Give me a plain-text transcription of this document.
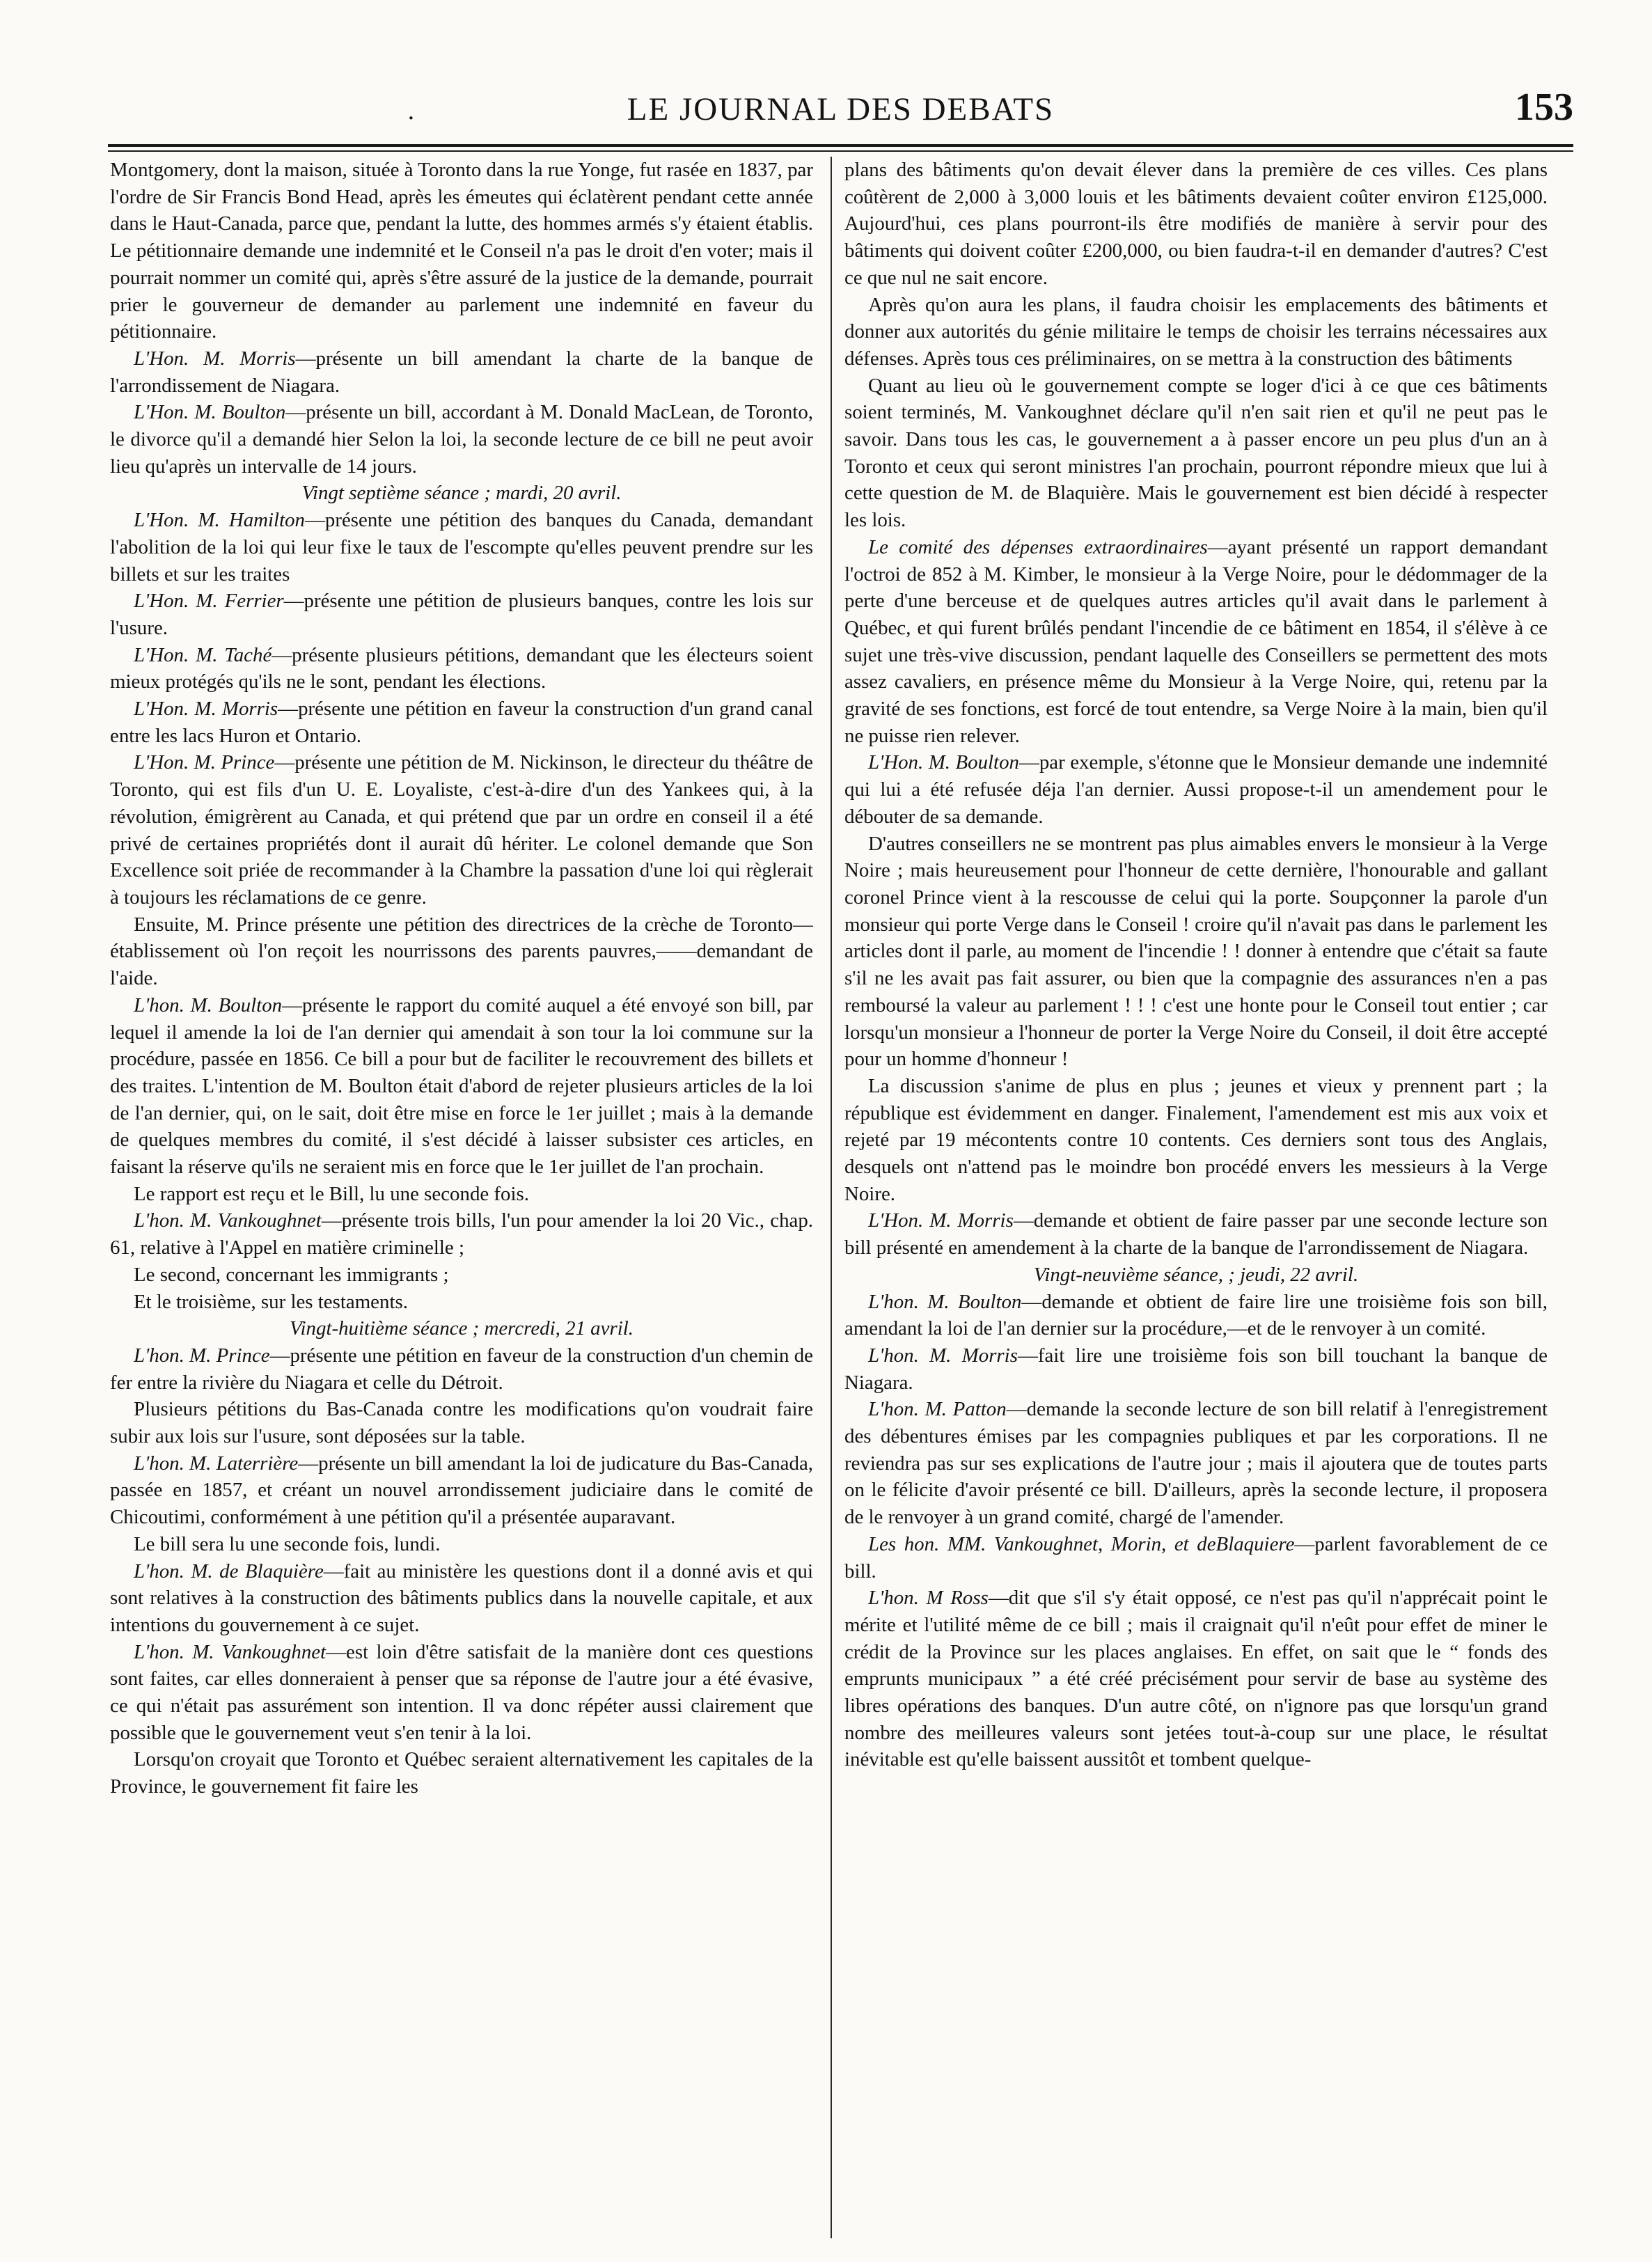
.	LE JOURNAL DES DEBATS	153

Montgomery, dont la maison, située à Toronto dans la rue Yonge, fut rasée en 1837, par l'ordre de Sir Francis Bond Head, après les émeutes qui éclatèrent pendant cette année dans le Haut-Canada, parce que, pendant la lutte, des hommes armés s'y étaient établis. Le pétitionnaire demande une indemnité et le Conseil n'a pas le droit d'en voter; mais il pourrait nommer un comité qui, après s'être assuré de la justice de la demande, pourrait prier le gouverneur de demander au parlement une indemnité en faveur du pétitionnaire.

L'Hon. M. Morris—présente un bill amendant la charte de la banque de l'arrondissement de Niagara.

L'Hon. M. Boulton—présente un bill, accordant à M. Donald MacLean, de Toronto, le divorce qu'il a demandé hier Selon la loi, la seconde lecture de ce bill ne peut avoir lieu qu'après un intervalle de 14 jours.

Vingt septième séance ; mardi, 20 avril.

L'Hon. M. Hamilton—présente une pétition des banques du Canada, demandant l'abolition de la loi qui leur fixe le taux de l'escompte qu'elles peuvent prendre sur les billets et sur les traites

L'Hon. M. Ferrier—présente une pétition de plusieurs banques, contre les lois sur l'usure.

L'Hon. M. Taché—présente plusieurs pétitions, demandant que les électeurs soient mieux protégés qu'ils ne le sont, pendant les élections.

L'Hon. M. Morris—présente une pétition en faveur la construction d'un grand canal entre les lacs Huron et Ontario.

L'Hon. M. Prince—présente une pétition de M. Nickinson, le directeur du théâtre de Toronto, qui est fils d'un U. E. Loyaliste, c'est-à-dire d'un des Yankees qui, à la révolution, émigrèrent au Canada, et qui prétend que par un ordre en conseil il a été privé de certaines propriétés dont il aurait dû hériter. Le colonel demande que Son Excellence soit priée de recommander à la Chambre la passation d'une loi qui règlerait à toujours les réclamations de ce genre.

Ensuite, M. Prince présente une pétition des directrices de la crèche de Toronto—établissement où l'on reçoit les nourrissons des parents pauvres,——demandant de l'aide.

L'hon. M. Boulton—présente le rapport du comité auquel a été envoyé son bill, par lequel il amende la loi de l'an dernier qui amendait à son tour la loi commune sur la procédure, passée en 1856. Ce bill a pour but de faciliter le recouvrement des billets et des traites. L'intention de M. Boulton était d'abord de rejeter plusieurs articles de la loi de l'an dernier, qui, on le sait, doit être mise en force le 1er juillet ; mais à la demande de quelques membres du comité, il s'est décidé à laisser subsister ces articles, en faisant la réserve qu'ils ne seraient mis en force que le 1er juillet de l'an prochain.

Le rapport est reçu et le Bill, lu une seconde fois.

L'hon. M. Vankoughnet—présente trois bills, l'un pour amender la loi 20 Vic., chap. 61, relative à l'Appel en matière criminelle ;

Le second, concernant les immigrants ;

Et le troisième, sur les testaments.

Vingt-huitième séance ; mercredi, 21 avril.

L'hon. M. Prince—présente une pétition en faveur de la construction d'un chemin de fer entre la rivière du Niagara et celle du Détroit.

Plusieurs pétitions du Bas-Canada contre les modifications qu'on voudrait faire subir aux lois sur l'usure, sont déposées sur la table.

L'hon. M. Laterrière—présente un bill amendant la loi de judicature du Bas-Canada, passée en 1857, et créant un nouvel arrondissement judiciaire dans le comité de Chicoutimi, conformément à une pétition qu'il a présentée auparavant.

Le bill sera lu une seconde fois, lundi.

L'hon. M. de Blaquière—fait au ministère les questions dont il a donné avis et qui sont relatives à la construction des bâtiments publics dans la nouvelle capitale, et aux intentions du gouvernement à ce sujet.

L'hon. M. Vankoughnet—est loin d'être satisfait de la manière dont ces questions sont faites, car elles donneraient à penser que sa réponse de l'autre jour a été évasive, ce qui n'était pas assurément son intention. Il va donc répéter aussi clairement que possible que le gouvernement veut s'en tenir à la loi.

Lorsqu'on croyait que Toronto et Québec seraient alternativement les capitales de la Province, le gouvernement fit faire les

plans des bâtiments qu'on devait élever dans la première de ces villes. Ces plans coûtèrent de 2,000 à 3,000 louis et les bâtiments devaient coûter environ £125,000. Aujourd'hui, ces plans pourront-ils être modifiés de manière à servir pour des bâtiments qui doivent coûter £200,000, ou bien faudra-t-il en demander d'autres? C'est ce que nul ne sait encore.

Après qu'on aura les plans, il faudra choisir les emplacements des bâtiments et donner aux autorités du génie militaire le temps de choisir les terrains nécessaires aux défenses. Après tous ces préliminaires, on se mettra à la construction des bâtiments

Quant au lieu où le gouvernement compte se loger d'ici à ce que ces bâtiments soient terminés, M. Vankoughnet déclare qu'il n'en sait rien et qu'il ne peut pas le savoir. Dans tous les cas, le gouvernement a à passer encore un peu plus d'un an à Toronto et ceux qui seront ministres l'an prochain, pourront répondre mieux que lui à cette question de M. de Blaquière. Mais le gouvernement est bien décidé à respecter les lois.

Le comité des dépenses extraordinaires—ayant présenté un rapport demandant l'octroi de 852 à M. Kimber, le monsieur à la Verge Noire, pour le dédommager de la perte d'une berceuse et de quelques autres articles qu'il avait dans le parlement à Québec, et qui furent brûlés pendant l'incendie de ce bâtiment en 1854, il s'élève à ce sujet une très-vive discussion, pendant laquelle des Conseillers se permettent des mots assez cavaliers, en présence même du Monsieur à la Verge Noire, qui, retenu par la gravité de ses fonctions, est forcé de tout entendre, sa Verge Noire à la main, bien qu'il ne puisse rien relever.

L'Hon. M. Boulton—par exemple, s'étonne que le Monsieur demande une indemnité qui lui a été refusée déja l'an dernier. Aussi propose-t-il un amendement pour le débouter de sa demande.

D'autres conseillers ne se montrent pas plus aimables envers le monsieur à la Verge Noire ; mais heureusement pour l'honneur de cette dernière, l'honourable and gallant coronel Prince vient à la rescousse de celui qui la porte. Soupçonner la parole d'un monsieur qui porte Verge dans le Conseil ! croire qu'il n'avait pas dans le parlement les articles dont il parle, au moment de l'incendie ! ! donner à entendre que c'était sa faute s'il ne les avait pas fait assurer, ou bien que la compagnie des assurances n'en a pas remboursé la valeur au parlement ! ! ! c'est une honte pour le Conseil tout entier ; car lorsqu'un monsieur a l'honneur de porter la Verge Noire du Conseil, il doit être accepté pour un homme d'honneur !

La discussion s'anime de plus en plus ; jeunes et vieux y prennent part ; la république est évidemment en danger. Finalement, l'amendement est mis aux voix et rejeté par 19 mécontents contre 10 contents. Ces derniers sont tous des Anglais, desquels ont n'attend pas le moindre bon procédé envers les messieurs à la Verge Noire.

L'Hon. M. Morris—demande et obtient de faire passer par une seconde lecture son bill présenté en amendement à la charte de la banque de l'arrondissement de Niagara.

Vingt-neuvième séance, ; jeudi, 22 avril.

L'hon. M. Boulton—demande et obtient de faire lire une troisième fois son bill, amendant la loi de l'an dernier sur la procédure,—et de le renvoyer à un comité.

L'hon. M. Morris—fait lire une troisième fois son bill touchant la banque de Niagara.

L'hon. M. Patton—demande la seconde lecture de son bill relatif à l'enregistrement des débentures émises par les compagnies publiques et par les corporations. Il ne reviendra pas sur ses explications de l'autre jour ; mais il ajoutera que de toutes parts on le félicite d'avoir présenté ce bill. D'ailleurs, après la seconde lecture, il proposera de le renvoyer à un grand comité, chargé de l'amender.

Les hon. MM. Vankoughnet, Morin, et deBlaquiere—parlent favorablement de ce bill.

L'hon. M Ross—dit que s'il s'y était opposé, ce n'est pas qu'il n'apprécait point le mérite et l'utilité même de ce bill ; mais il craignait qu'il n'eût pour effet de miner le crédit de la Province sur les places anglaises. En effet, on sait que le “ fonds des emprunts municipaux ” a été créé précisément pour servir de base au système des libres opérations des banques. D'un autre côté, on n'ignore pas que lorsqu'un grand nombre des meilleures valeurs sont jetées tout-à-coup sur une place, le résultat inévitable est qu'elle baissent aussitôt et tombent quelque-
